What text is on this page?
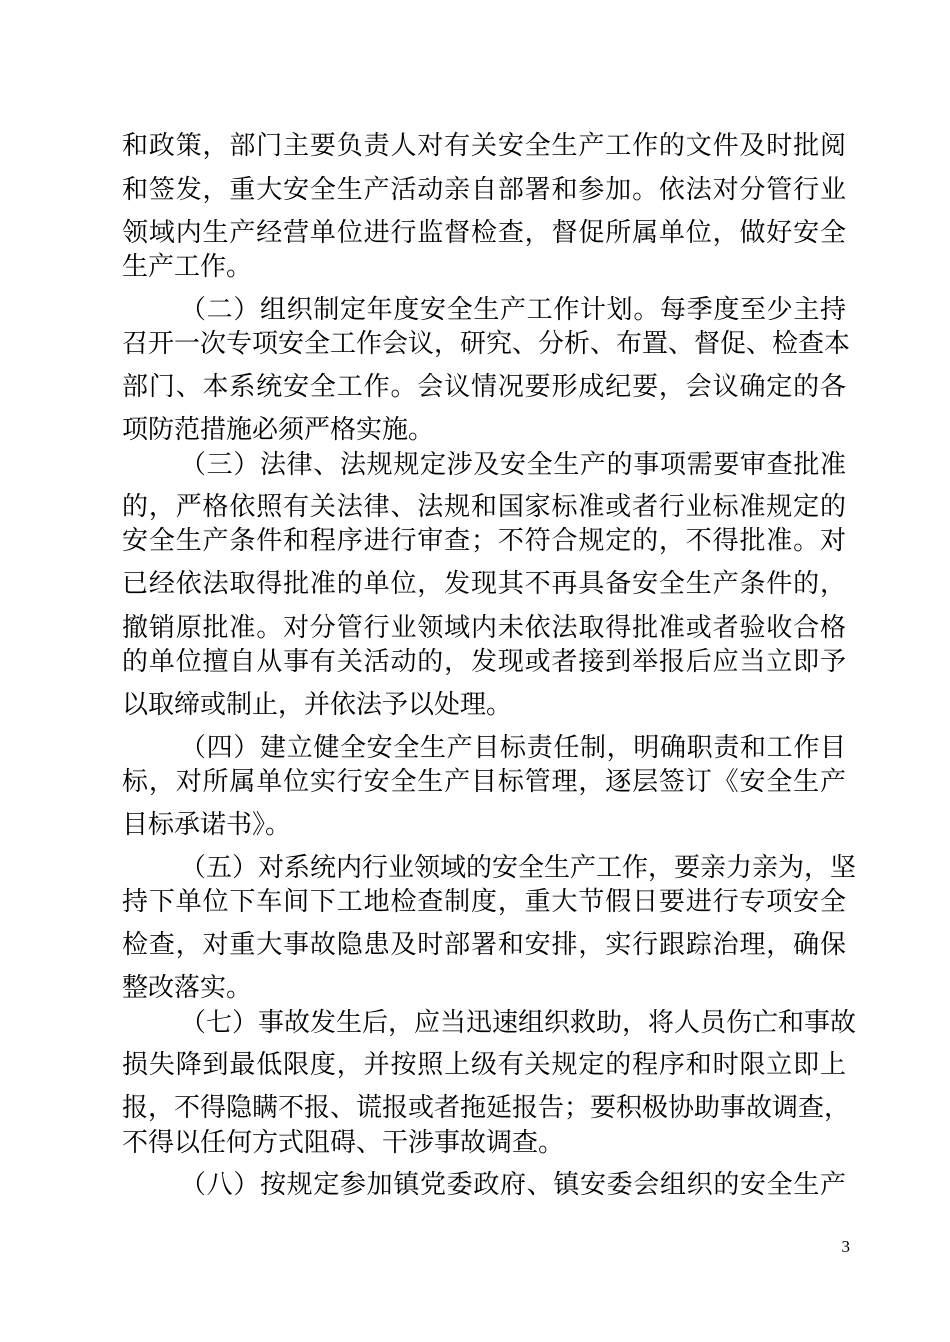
和政策，部门主要负责人对有关安全生产工作的文件及时批阅
和签发，重大安全生产活动亲自部署和参加。依法对分管行业
领域内生产经营单位进行监督检查，督促所属单位，做好安全
生产工作。
（二）组织制定年度安全生产工作计划。每季度至少主持
召开一次专项安全工作会议，研究、分析、布置、督促、检查本
部门、本系统安全工作。会议情况要形成纪要，会议确定的各
项防范措施必须严格实施。
（三）法律、法规规定涉及安全生产的事项需要审查批准
的，严格依照有关法律、法规和国家标准或者行业标准规定的
安全生产条件和程序进行审查；不符合规定的，不得批准。对
已经依法取得批准的单位，发现其不再具备安全生产条件的，
撤销原批准。对分管行业领域内未依法取得批准或者验收合格
的单位擅自从事有关活动的，发现或者接到举报后应当立即予
以取缔或制止，并依法予以处理。
（四）建立健全安全生产目标责任制，明确职责和工作目
标，对所属单位实行安全生产目标管理，逐层签订《安全生产
目标承诺书》。
（五）对系统内行业领域的安全生产工作，要亲力亲为，坚
持下单位下车间下工地检查制度，重大节假日要进行专项安全
检查，对重大事故隐患及时部署和安排，实行跟踪治理，确保
整改落实。
（七）事故发生后，应当迅速组织救助，将人员伤亡和事故
损失降到最低限度，并按照上级有关规定的程序和时限立即上
报，不得隐瞒不报、谎报或者拖延报告；要积极协助事故调查，
不得以任何方式阻碍、干涉事故调查。
（八）按规定参加镇党委政府、镇安委会组织的安全生产
3
